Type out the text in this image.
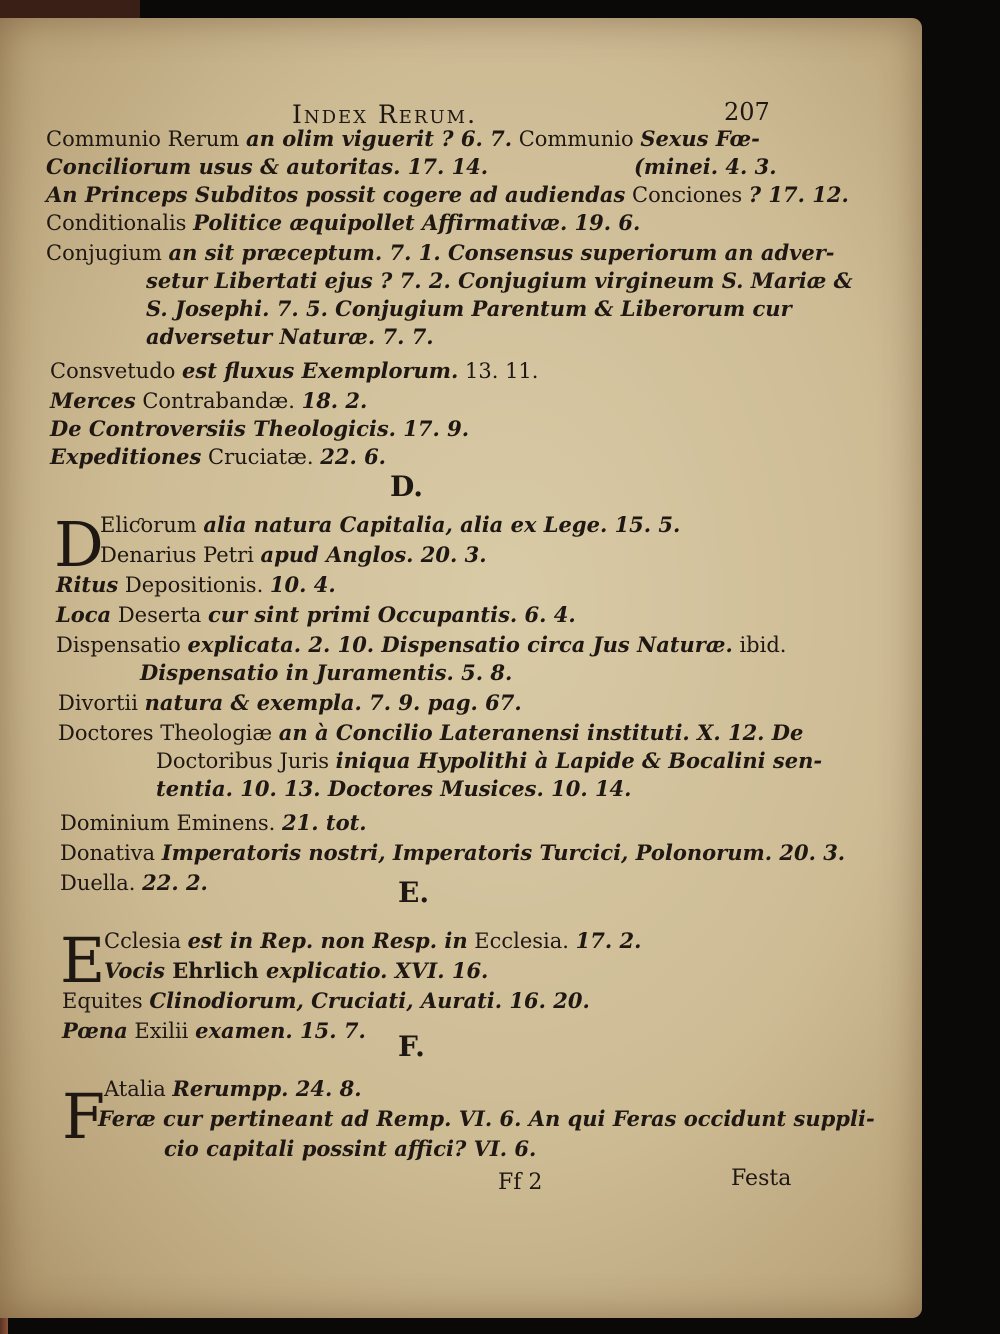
Index Rerum.	207
Communio Rerum an olim viguerit ? 6. 7. Communio Sexus Fœ-
Conciliorum usus & autoritas. 17. 14.	(minei. 4. 3.
An Princeps Subditos possit cogere ad audiendas Conciones ? 17. 12.
Conditionalis Politice æquipollet Affirmativæ. 19. 6.
Conjugium an sit præceptum. 7. 1. Consensus superiorum an adver-
setur Libertati ejus ? 7. 2. Conjugium virgineum S. Mariæ &
S. Josephi. 7. 5. Conjugium Parentum & Liberorum cur
adversetur Naturæ. 7. 7.
Consvetudo est fluxus Exemplorum. 13. 11.
Merces Contrabandæ. 18. 2.
De Controversiis Theologicis. 17. 9.
Expeditiones Cruciatæ. 22. 6.
D.
D
Eliƈorum alia natura Capitalia, alia ex Lege. 15. 5.
Denarius Petri apud Anglos. 20. 3.
Ritus Depositionis. 10. 4.
Loca Deserta cur sint primi Occupantis. 6. 4.
Dispensatio explicata. 2. 10. Dispensatio circa Jus Naturæ. ibid.
Dispensatio in Juramentis. 5. 8.
Divortii natura & exempla. 7. 9. pag. 67.
Doctores Theologiæ an à Concilio Lateranensi instituti. X. 12. De
Doctoribus Juris iniqua Hypolithi à Lapide & Bocalini sen-
tentia. 10. 13. Doctores Musices. 10. 14.
Dominium Eminens. 21. tot.
Donativa Imperatoris nostri, Imperatoris Turcici, Polonorum. 20. 3.
Duella. 22. 2.	E.
E
Cclesia est in Rep. non Resp. in Ecclesia. 17. 2.
Vocis Ehrlich explicatio. XVI. 16.
Equites Clinodiorum, Cruciati, Aurati. 16. 20.
Pœna Exilii examen. 15. 7. F.
F
Atalia Rerumpp. 24. 8.
Feræ cur pertineant ad Remp. VI. 6. An qui Feras occidunt suppli-
cio capitali possint affici? VI. 6.
Ff 2	Festa
